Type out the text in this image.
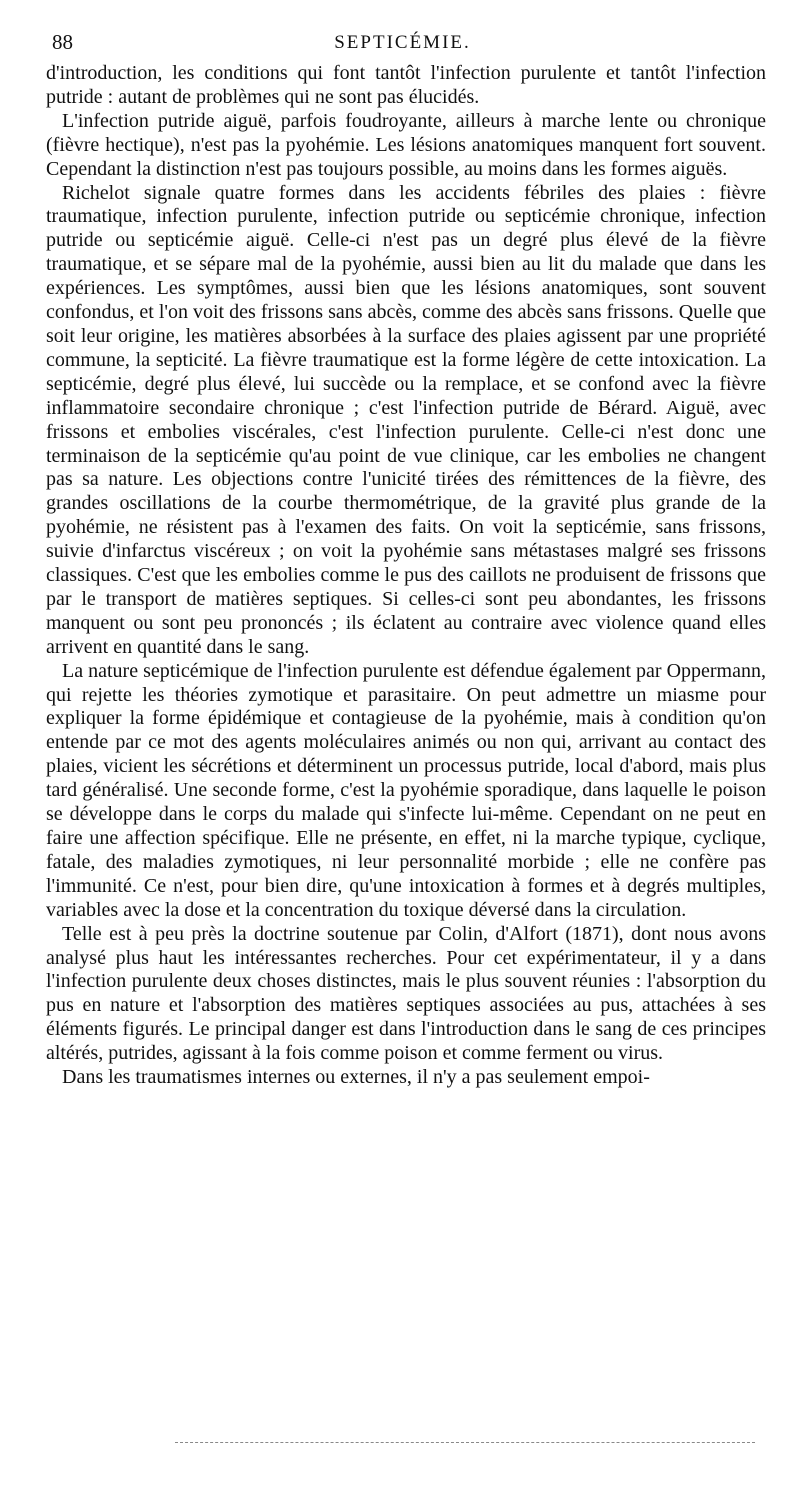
88	SEPTICÉMIE.

d'introduction, les conditions qui font tantôt l'infection purulente et tantôt l'infection putride : autant de problèmes qui ne sont pas élucidés.

L'infection putride aiguë, parfois foudroyante, ailleurs à marche lente ou chronique (fièvre hectique), n'est pas la pyohémie. Les lésions anatomiques manquent fort souvent. Cependant la distinction n'est pas toujours possible, au moins dans les formes aiguës.

Richelot signale quatre formes dans les accidents fébriles des plaies : fièvre traumatique, infection purulente, infection putride ou septicémie chronique, infection putride ou septicémie aiguë. Celle-ci n'est pas un degré plus élevé de la fièvre traumatique, et se sépare mal de la pyohémie, aussi bien au lit du malade que dans les expériences. Les symptômes, aussi bien que les lésions anatomiques, sont souvent confondus, et l'on voit des frissons sans abcès, comme des abcès sans frissons. Quelle que soit leur origine, les matières absorbées à la surface des plaies agissent par une propriété commune, la septicité. La fièvre traumatique est la forme légère de cette intoxication. La septicémie, degré plus élevé, lui succède ou la remplace, et se confond avec la fièvre inflammatoire secondaire chronique ; c'est l'infection putride de Bérard. Aiguë, avec frissons et embolies viscérales, c'est l'infection purulente. Celle-ci n'est donc une terminaison de la septicémie qu'au point de vue clinique, car les embolies ne changent pas sa nature. Les objections contre l'unicité tirées des rémittences de la fièvre, des grandes oscillations de la courbe thermométrique, de la gravité plus grande de la pyohémie, ne résistent pas à l'examen des faits. On voit la septicémie, sans frissons, suivie d'infarctus viscéreux ; on voit la pyohémie sans métastases malgré ses frissons classiques. C'est que les embolies comme le pus des caillots ne produisent de frissons que par le transport de matières septiques. Si celles-ci sont peu abondantes, les frissons manquent ou sont peu prononcés ; ils éclatent au contraire avec violence quand elles arrivent en quantité dans le sang.

La nature septicémique de l'infection purulente est défendue également par Oppermann, qui rejette les théories zymotique et parasitaire. On peut admettre un miasme pour expliquer la forme épidémique et contagieuse de la pyohémie, mais à condition qu'on entende par ce mot des agents moléculaires animés ou non qui, arrivant au contact des plaies, vicient les sécrétions et déterminent un processus putride, local d'abord, mais plus tard généralisé. Une seconde forme, c'est la pyohémie sporadique, dans laquelle le poison se développe dans le corps du malade qui s'infecte lui-même. Cependant on ne peut en faire une affection spécifique. Elle ne présente, en effet, ni la marche typique, cyclique, fatale, des maladies zymotiques, ni leur personnalité morbide ; elle ne confère pas l'immunité. Ce n'est, pour bien dire, qu'une intoxication à formes et à degrés multiples, variables avec la dose et la concentration du toxique déversé dans la circulation.

Telle est à peu près la doctrine soutenue par Colin, d'Alfort (1871), dont nous avons analysé plus haut les intéressantes recherches. Pour cet expérimentateur, il y a dans l'infection purulente deux choses distinctes, mais le plus souvent réunies : l'absorption du pus en nature et l'absorption des matières septiques associées au pus, attachées à ses éléments figurés. Le principal danger est dans l'introduction dans le sang de ces principes altérés, putrides, agissant à la fois comme poison et comme ferment ou virus.

Dans les traumatismes internes ou externes, il n'y a pas seulement empoi-
